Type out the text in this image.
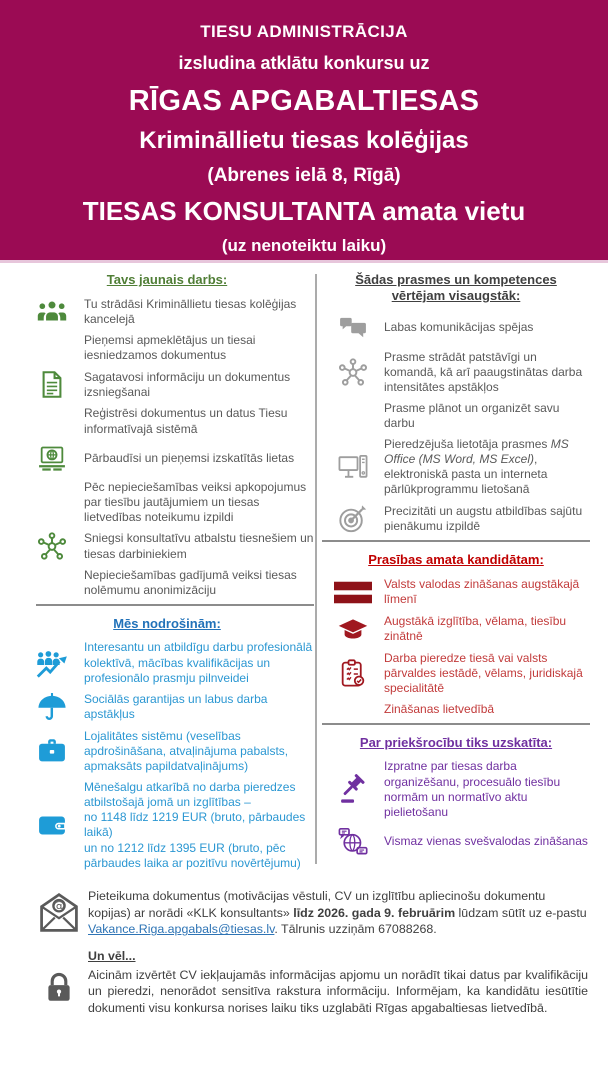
TIESU ADMINISTRĀCIJA
izsludina atklātu konkursu uz
RĪGAS APGABALTIESAS
Krimināllietu tiesas kolēģijas
(Abrenes ielā 8, Rīgā)
TIESAS KONSULTANTA amata vietu
(uz nenoteiktu laiku)
Tavs jaunais darbs:
Tu strādāsi Krimināllietu tiesas kolēģijas kancelejā
Pieņemsi apmeklētājus un tiesai iesniedzamos dokumentus
Sagatavosi informāciju un dokumentus izsniegšanai
Reģistrēsi dokumentus un datus Tiesu informatīvajā sistēmā
Pārbaudīsi un pieņemsi izskatītās lietas
Pēc nepieciešamības veiksi apkopojumus par tiesību jautājumiem un tiesas lietvedības noteikumu izpildi
Sniegsi konsultatīvu atbalstu tiesnešiem un tiesas darbiniekiem
Nepieciešamības gadījumā veiksi tiesas nolēmumu anonimizāciju
Mēs nodrošinām:
Interesantu un atbildīgu darbu profesionālā kolektīvā, mācības kvalifikācijas un profesionālo prasmju pilnveidei
Sociālās garantijas un labus darba apstākļus
Lojalitātes sistēmu (veselības apdrošināšana, atvaļinājuma pabalsts, apmaksāts papildatvaļinājums)
Mēnešalgu atkarībā no darba pieredzes atbilstošajā jomā un izglītības –
no 1148 līdz 1219 EUR (bruto, pārbaudes laikā)
un no 1212 līdz 1395 EUR (bruto, pēc pārbaudes laika ar pozitīvu novērtējumu)
Šādas prasmes un kompetences
vērtējam visaugstāk:
Labas komunikācijas spējas
Prasme strādāt patstāvīgi un komandā, kā arī paaugstinātas darba intensitātes apstākļos
Prasme plānot un organizēt savu darbu
Pieredzējuša lietotāja prasmes MS Office (MS Word, MS Excel), elektroniskā pasta un interneta pārlūkprogrammu lietošanā
Precizitāti un augstu atbildības sajūtu pienākumu izpildē
Prasības amata kandidātam:
Valsts valodas zināšanas augstākajā līmenī
Augstākā izglītība, vēlama, tiesību zinātnē
Darba pieredze tiesā vai valsts pārvaldes iestādē, vēlams, juridiskajā specialitātē
Zināšanas lietvedībā
Par priekšrocību tiks uzskatīta:
Izpratne par tiesas darba organizēšanu, procesuālo tiesību normām un normatīvo aktu pielietošanu
Vismaz vienas svešvalodas zināšanas
@

Pieteikuma dokumentus (motivācijas vēstuli, CV un izglītību apliecinošu dokumentu kopijas) ar norādi «KLK konsultants» līdz 2026. gada 9. februārim lūdzam sūtīt uz e-pastu Vakance.Riga.apgabals@tiesas.lv. Tālrunis uzziņām 67088268.

Un vēl...

Aicinām izvērtēt CV iekļaujamās informācijas apjomu un norādīt tikai datus par kvalifikāciju un pieredzi, nenorādot sensitīva rakstura informāciju. Informējam, ka kandidātu iesūtītie dokumenti visu konkursa norises laiku tiks uzglabāti Rīgas apgabaltiesas lietvedībā.
